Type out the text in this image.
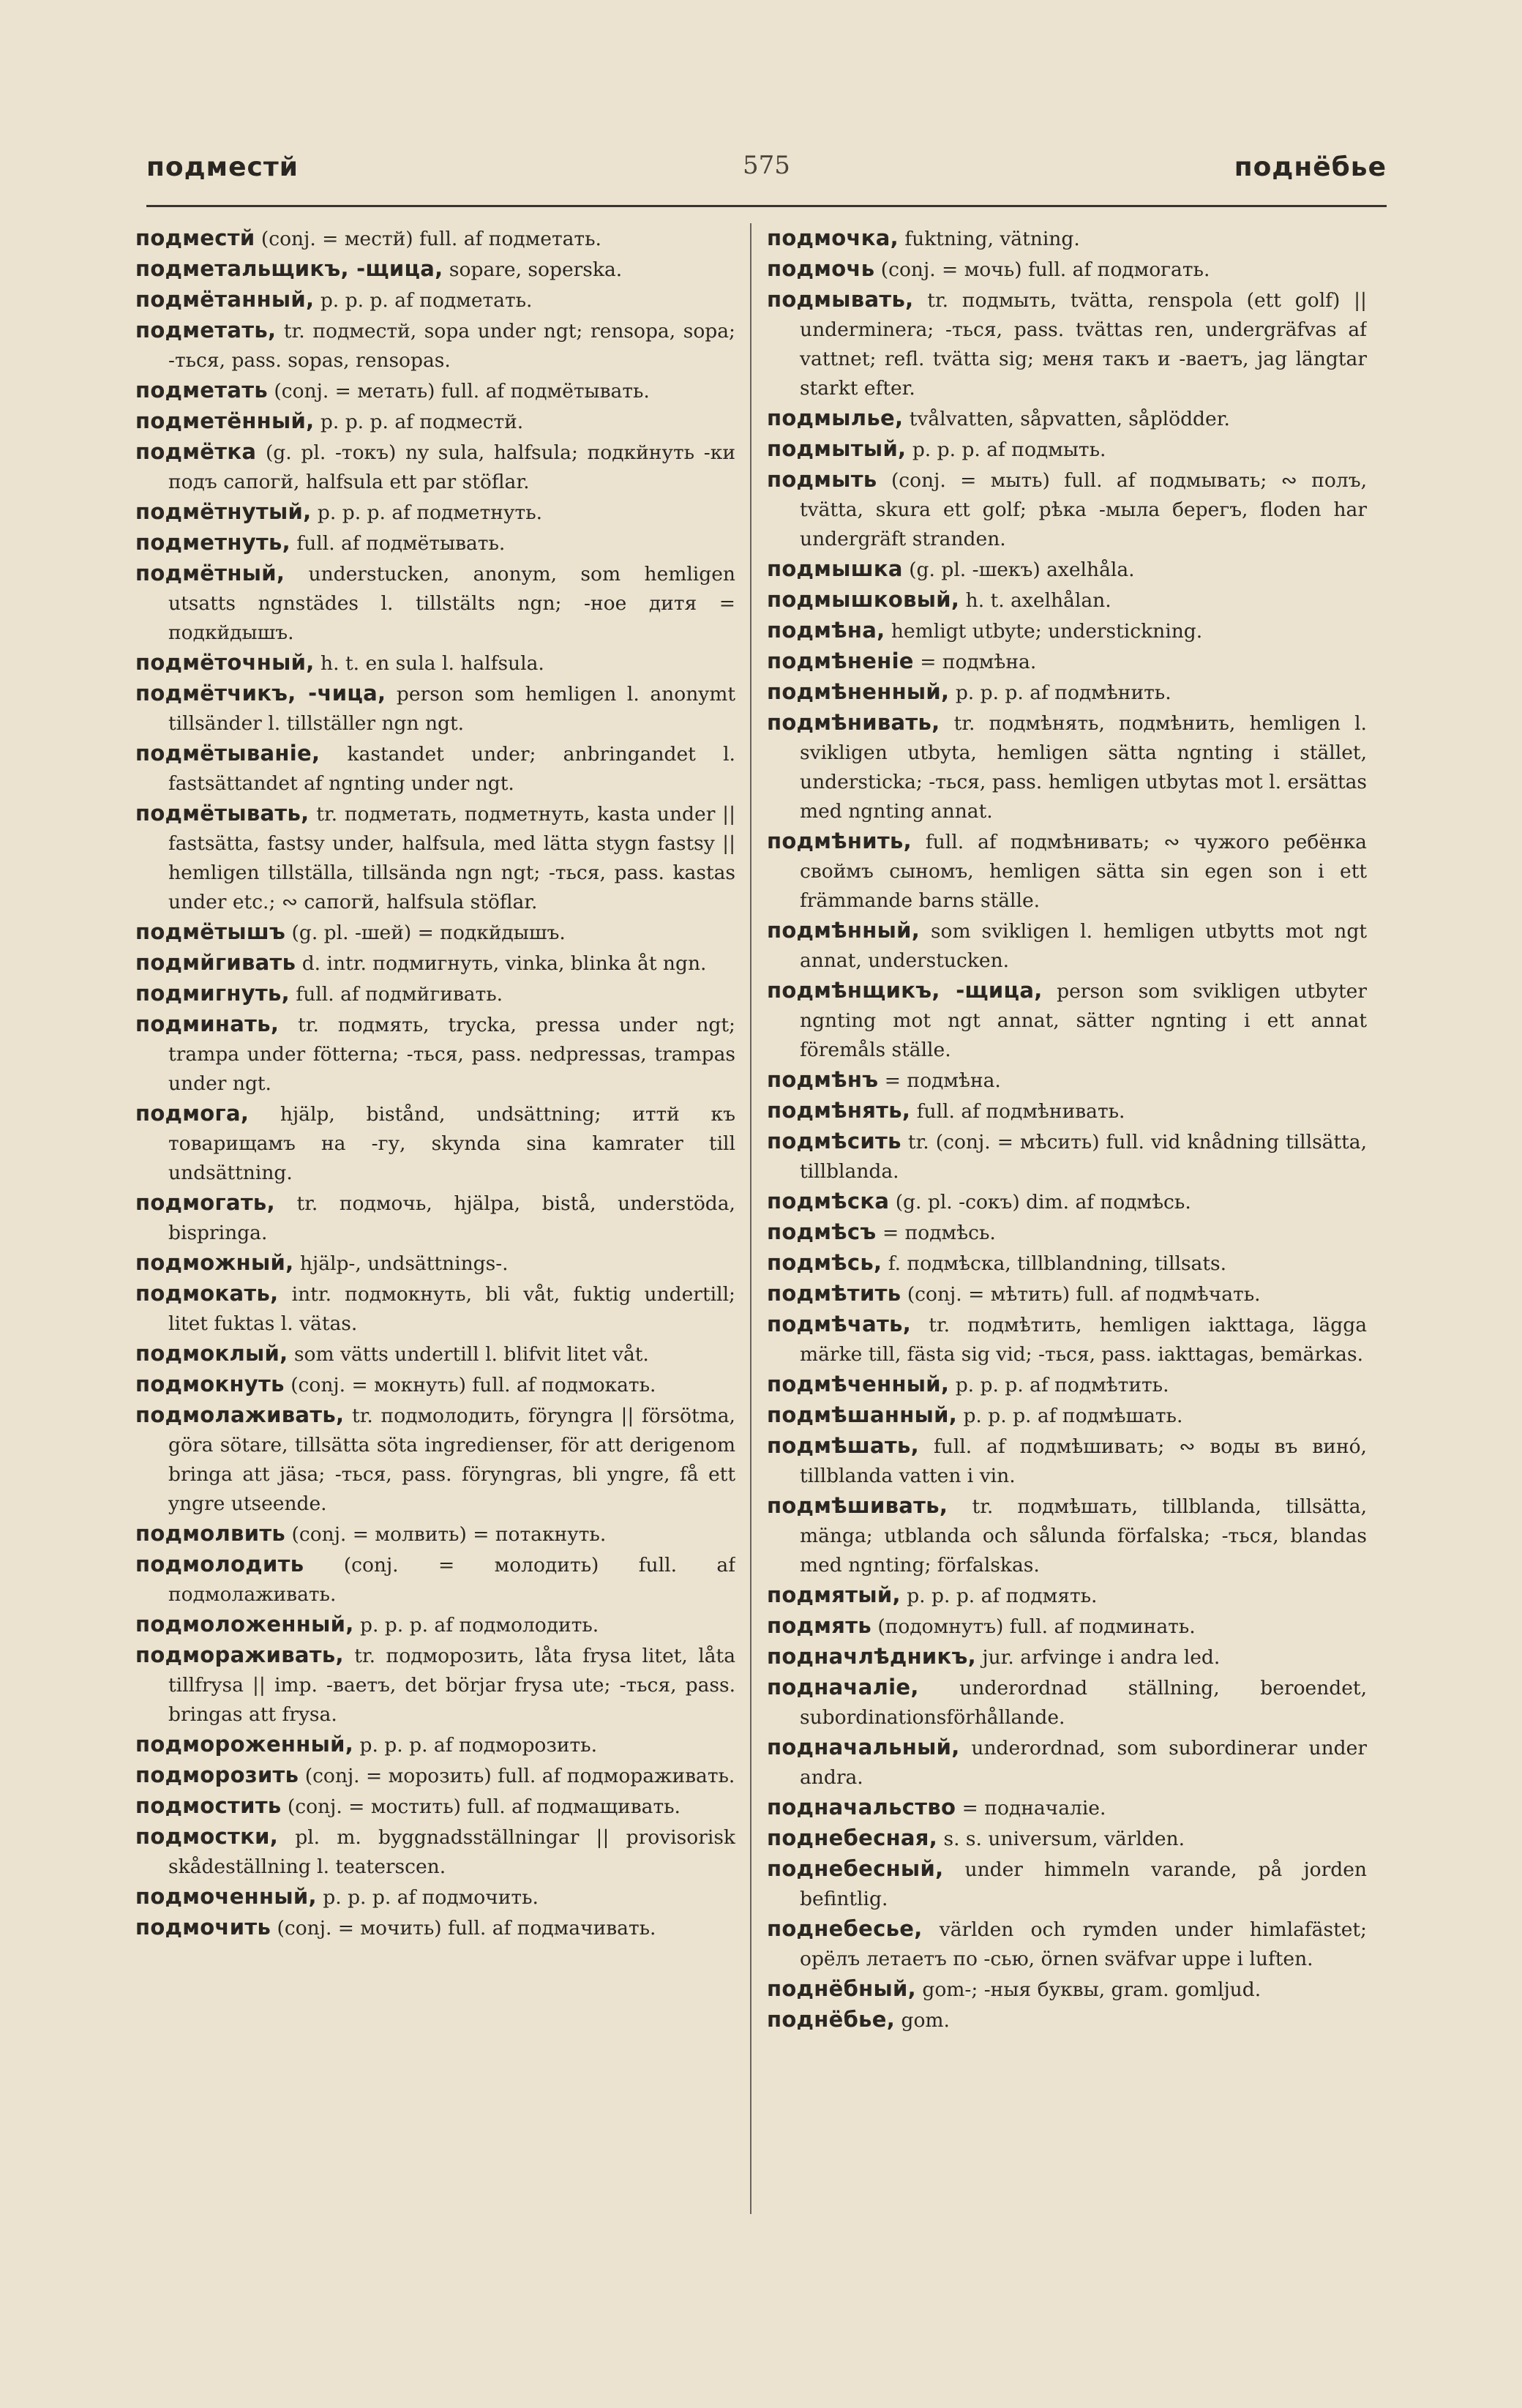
подместй	575	поднёбье

подместй (conj. = местй) full. af подметать.

подметальщикъ, -щица, sopare, soperska.

подмётанный, p. p. p. af подметать.

подметать, tr. подместй, sopa under ngt; rensopa, sopa; -ться, pass. sopas, rensopas.

подметать (conj. = метать) full. af подмётывать.

подметённый, p. p. p. af подместй.

подмётка (g. pl. -токъ) ny sula, halfsula; подкйнуть -ки подъ сапогй, halfsula ett par stöflar.

подмётнутый, p. p. p. af подметнуть.

подметнуть, full. af подмётывать.

подмётный, understucken, anonym, som hemligen utsatts ngnstädes l. tillstälts ngn; -ное дитя = подкйдышъ.

подмёточный, h. t. en sula l. halfsula.

подмётчикъ, -чица, person som hemligen l. anonymt tillsänder l. tillställer ngn ngt.

подмётываніе, kastandet under; anbringandet l. fastsättandet af ngnting under ngt.

подмётывать, tr. подметать, подметнуть, kasta under || fastsätta, fastsy under, halfsula, med lätta stygn fastsy || hemligen tillställa, tillsända ngn ngt; -ться, pass. kastas under etc.; ∾ сапогй, halfsula stöflar.

подмётышъ (g. pl. -шей) = подкйдышъ.

подмйгивать d. intr. подмигнуть, vinka, blinka åt ngn.

подмигнуть, full. af подмйгивать.

подминать, tr. подмять, trycka, pressa under ngt; trampa under fötterna; -ться, pass. nedpressas, trampas under ngt.

подмога, hjälp, bistånd, undsättning; иттй къ товарищамъ на -гу, skynda sina kamrater till undsättning.

подмогать, tr. подмочь, hjälpa, bistå, understöda, bispringa.

подможный, hjälp-, undsättnings-.

подмокать, intr. подмокнуть, bli våt, fuktig undertill; litet fuktas l. vätas.

подмоклый, som vätts undertill l. blifvit litet våt.

подмокнуть (conj. = мокнуть) full. af подмокать.

подмолаживать, tr. подмолодить, föryngra || försötma, göra sötare, tillsätta söta ingredienser, för att derigenom bringa att jäsa; -ться, pass. föryngras, bli yngre, få ett yngre utseende.

подмолвить (conj. = молвить) = потакнуть.

подмолодить (conj. = молодить) full. af подмолаживать.

подмоложенный, p. p. p. af подмолодить.

подмораживать, tr. подморозить, låta frysa litet, låta tillfrysa || imp. -ваетъ, det börjar frysa ute; -ться, pass. bringas att frysa.

подмороженный, p. p. p. af подморозить.

подморозить (conj. = морозить) full. af подмораживать.

подмостить (conj. = мостить) full. af подмащивать.

подмостки, pl. m. byggnadsställningar || provisorisk skådeställning l. teaterscen.

подмоченный, p. p. p. af подмочить.

подмочить (conj. = мочить) full. af подмачивать.

подмочка, fuktning, vätning.

подмочь (conj. = мочь) full. af подмогать.

подмывать, tr. подмыть, tvätta, renspola (ett golf) || underminera; -ться, pass. tvättas ren, undergräfvas af vattnet; refl. tvätta sig; меня такъ и -ваетъ, jag längtar starkt efter.

подмылье, tvålvatten, såpvatten, såplödder.

подмытый, p. p. p. af подмыть.

подмыть (conj. = мыть) full. af подмывать; ∾ полъ, tvätta, skura ett golf; рѣка -мыла берегъ, floden har undergräft stranden.

подмышка (g. pl. -шекъ) axelhåla.

подмышковый, h. t. axelhålan.

подмѣна, hemligt utbyte; understickning.

подмѣненіе = подмѣна.

подмѣненный, p. p. p. af подмѣнить.

подмѣнивать, tr. подмѣнять, подмѣнить, hemligen l. svikligen utbyta, hemligen sätta ngnting i stället, understicka; -ться, pass. hemligen utbytas mot l. ersättas med ngnting annat.

подмѣнить, full. af подмѣнивать; ∾ чужого ребёнка своймъ сыномъ, hemligen sätta sin egen son i ett främmande barns ställe.

подмѣнный, som svikligen l. hemligen utbytts mot ngt annat, understucken.

подмѣнщикъ, -щица, person som svikligen utbyter ngnting mot ngt annat, sätter ngnting i ett annat föremåls ställe.

подмѣнъ = подмѣна.

подмѣнять, full. af подмѣнивать.

подмѣсить tr. (conj. = мѣсить) full. vid knådning tillsätta, tillblanda.

подмѣска (g. pl. -сокъ) dim. af подмѣсь.

подмѣсъ = подмѣсь.

подмѣсь, f. подмѣска, tillblandning, tillsats.

подмѣтить (conj. = мѣтить) full. af подмѣчать.

подмѣчать, tr. подмѣтить, hemligen iakttaga, lägga märke till, fästa sig vid; -ться, pass. iakttagas, bemärkas.

подмѣченный, p. p. p. af подмѣтить.

подмѣшанный, p. p. p. af подмѣшать.

подмѣшать, full. af подмѣшивать; ∾ воды въ винó, tillblanda vatten i vin.

подмѣшивать, tr. подмѣшать, tillblanda, tillsätta, mänga; utblanda och sålunda förfalska; -ться, blandas med ngnting; förfalskas.

подмятый, p. p. p. af подмять.

подмять (подомнутъ) full. af подминать.

подначлѣдникъ, jur. arfvinge i andra led.

подначаліе, underordnad ställning, beroendet, subordinationsförhållande.

подначальный, underordnad, som subordinerar under andra.

подначальство = подначаліе.

поднебесная, s. s. universum, världen.

поднебесный, under himmeln varande, på jorden befintlig.

поднебесье, världen och rymden under himlafästet; орёлъ летаетъ по -сью, örnen sväfvar uppe i luften.

поднёбный, gom-; -ныя буквы, gram. gomljud.

поднёбье, gom.
